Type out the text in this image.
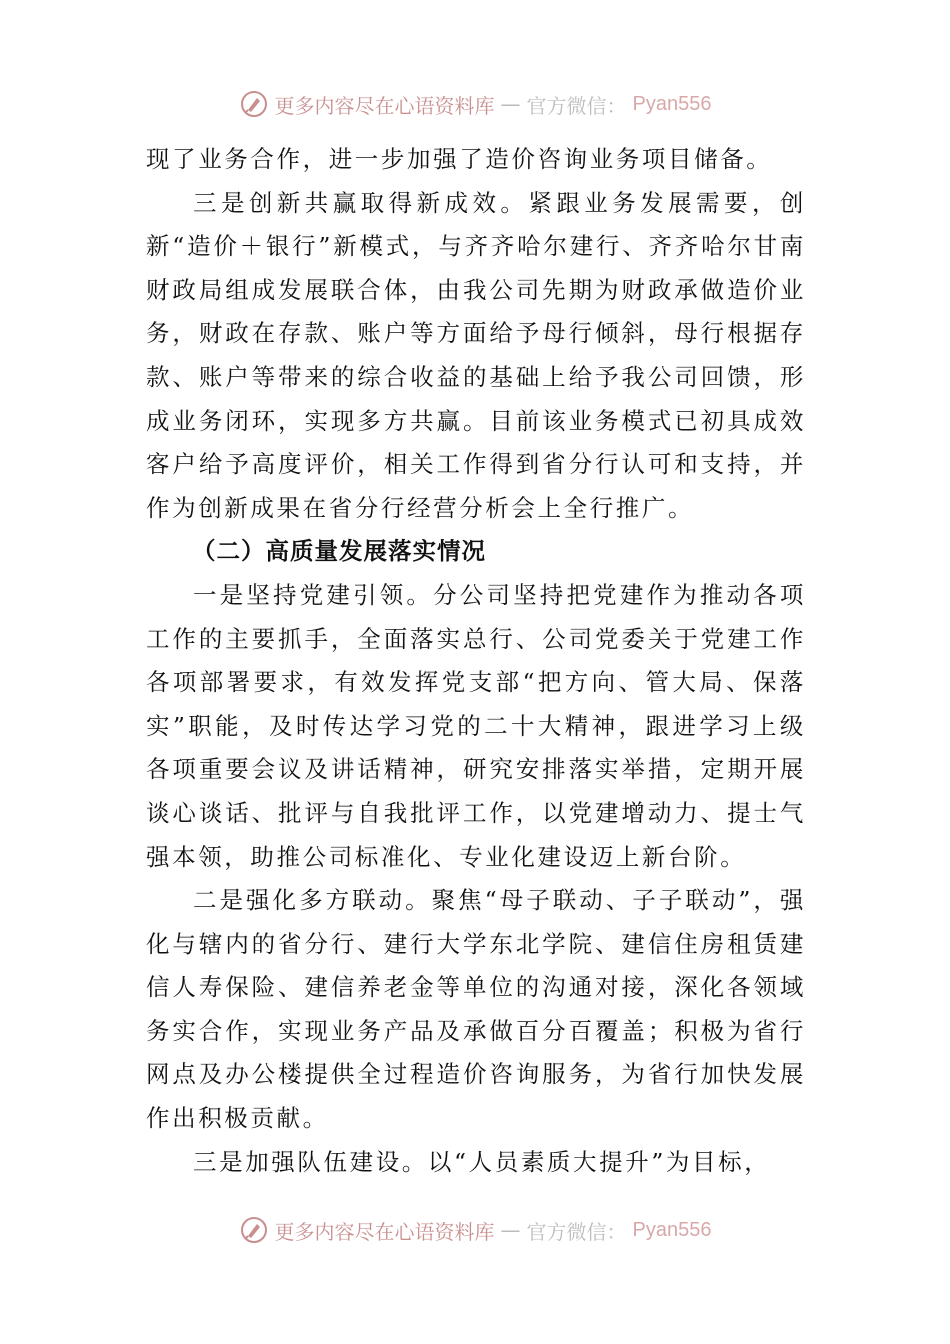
更多内容尽在心语资料库 — 官方微信： Pyan556

现了业务合作，进一步加强了造价咨询业务项目储备。

三是创新共赢取得新成效。紧跟业务发展需要，创新“造价＋银行”新模式，与齐齐哈尔建行、齐齐哈尔甘南财政局组成发展联合体，由我公司先期为财政承做造价业务，财政在存款、账户等方面给予母行倾斜，母行根据存款、账户等带来的综合收益的基础上给予我公司回馈，形成业务闭环，实现多方共赢。目前该业务模式已初具成效客户给予高度评价，相关工作得到省分行认可和支持，并作为创新成果在省分行经营分析会上全行推广。

（二）高质量发展落实情况

一是坚持党建引领。分公司坚持把党建作为推动各项工作的主要抓手，全面落实总行、公司党委关于党建工作各项部署要求，有效发挥党支部“把方向、管大局、保落实”职能，及时传达学习党的二十大精神，跟进学习上级各项重要会议及讲话精神，研究安排落实举措，定期开展谈心谈话、批评与自我批评工作，以党建增动力、提士气强本领，助推公司标准化、专业化建设迈上新台阶。

二是强化多方联动。聚焦“母子联动、子子联动”，强化与辖内的省分行、建行大学东北学院、建信住房租赁建信人寿保险、建信养老金等单位的沟通对接，深化各领域务实合作，实现业务产品及承做百分百覆盖；积极为省行网点及办公楼提供全过程造价咨询服务，为省行加快发展作出积极贡献。

三是加强队伍建设。以“人员素质大提升”为目标，

更多内容尽在心语资料库 — 官方微信： Pyan556
